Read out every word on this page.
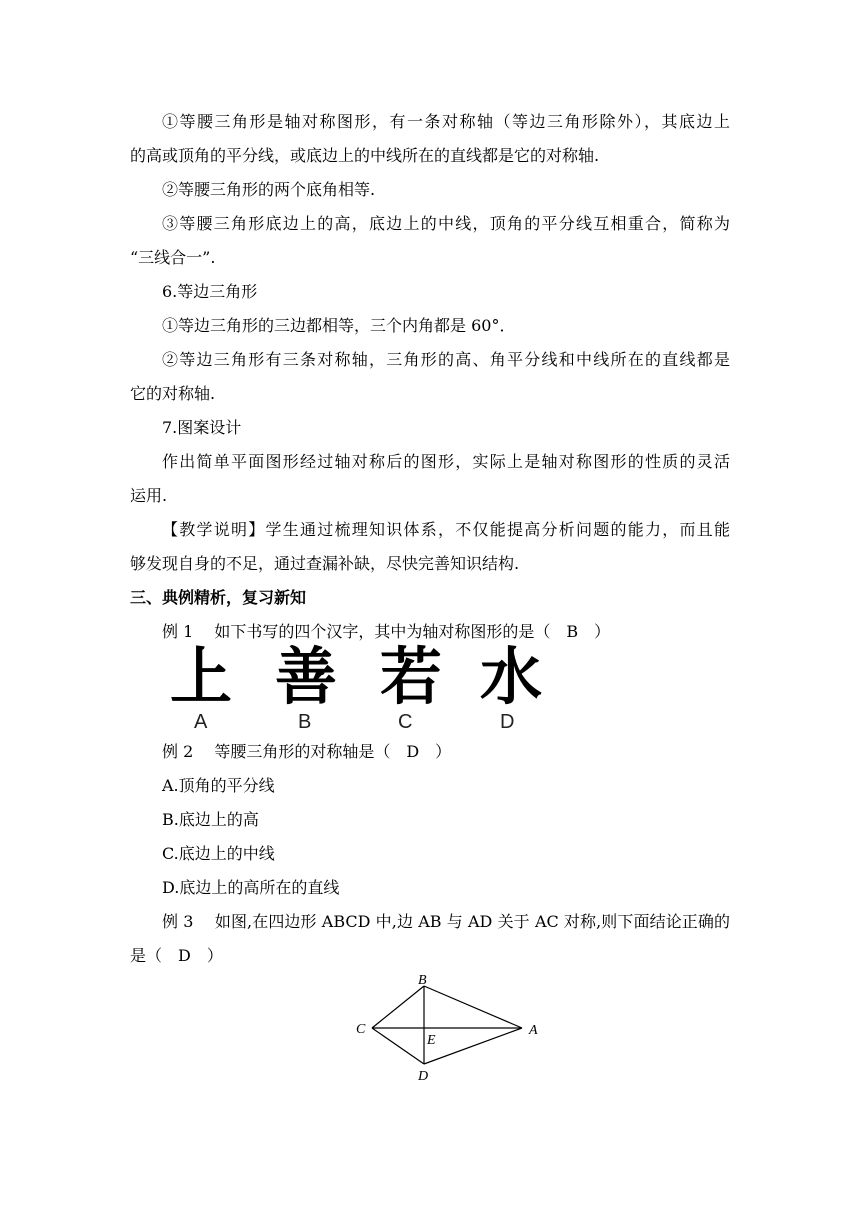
①等腰三角形是轴对称图形，有一条对称轴（等边三角形除外），其底边上

的高或顶角的平分线，或底边上的中线所在的直线都是它的对称轴.

②等腰三角形的两个底角相等.

③等腰三角形底边上的高，底边上的中线，顶角的平分线互相重合，简称为

“三线合一”.

6.等边三角形

①等边三角形的三边都相等，三个内角都是 60°．

②等边三角形有三条对称轴，三角形的高、角平分线和中线所在的直线都是

它的对称轴.

7.图案设计

作出简单平面图形经过轴对称后的图形，实际上是轴对称图形的性质的灵活

运用.

【教学说明】学生通过梳理知识体系，不仅能提高分析问题的能力，而且能

够发现自身的不足，通过查漏补缺，尽快完善知识结构.

三、典例精析，复习新知

例 1　 如下书写的四个汉字，其中为轴对称图形的是（　B　）

上 善 若 水
A	B	C	D

例 2　 等腰三角形的对称轴是（　D　）

A.顶角的平分线

B.底边上的高

C.底边上的中线

D.底边上的高所在的直线

例 3　 如图,在四边形 ABCD 中,边 AB 与 AD 关于 AC 对称,则下面结论正确的

是（　D　）

B
C	A
E
D
